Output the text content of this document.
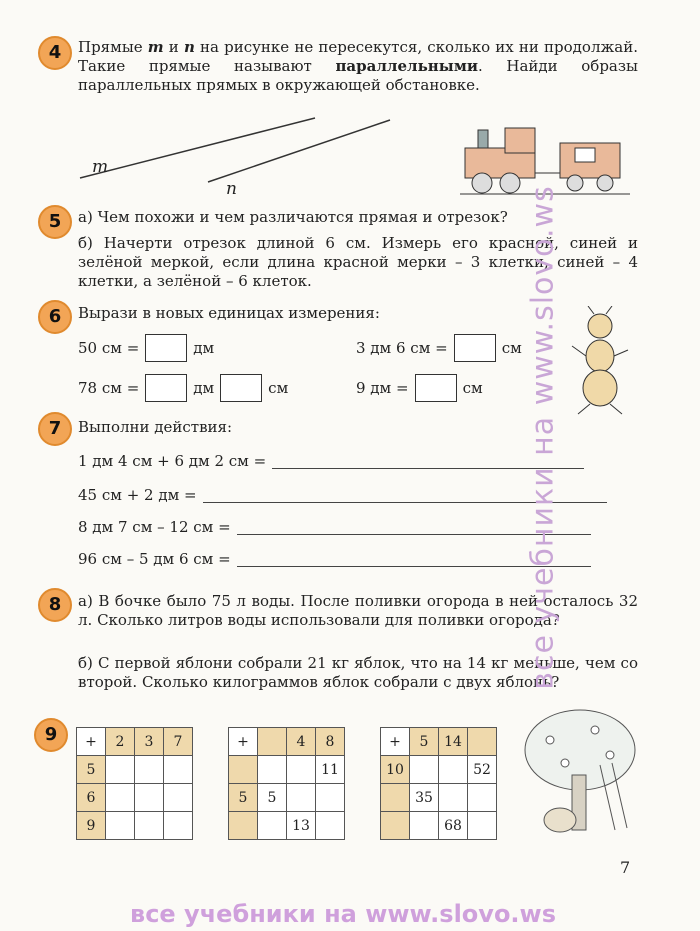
4	Прямые m и n на рисунке не пересекутся, сколько их ни продолжай. Такие прямые называют параллельными. Найди образы параллельных прямых в окружающей обстановке.
m
n
5	а) Чем похожи и чем различаются прямая и отрезок?
б) Начерти отрезок длиной 6 см. Измерь его красной, синей и зелёной меркой, если длина красной мерки – 3 клетки, синей – 4 клетки, а зелёной – 6 клеток.
6	Вырази в новых единицах измерения:
50 см =	дм	3 дм 6 см =	см
78 см =	дм	см	9 дм =	см
7	Выполни действия:
1 дм 4 см + 6 дм 2 см =
45 см + 2 дм =
8 дм 7 см – 12 см =
96 см – 5 дм 6 см =
8	а) В бочке было 75 л воды. После поливки огорода в ней осталось 32 л. Сколько литров воды использовали для поливки огорода?
б) С первой яблони собрали 21 кг яблок, что на 14 кг меньше, чем со второй. Сколько килограммов яблок собрали с двух яблонь?
9	+	2	3	7
5			
6			
9			
+		4	8
			11
5	5		
		13	
+	5	14	
10			52
	35		
		68	
7
все учебники на www.slovo.ws
все учебники на www.slovo.ws
